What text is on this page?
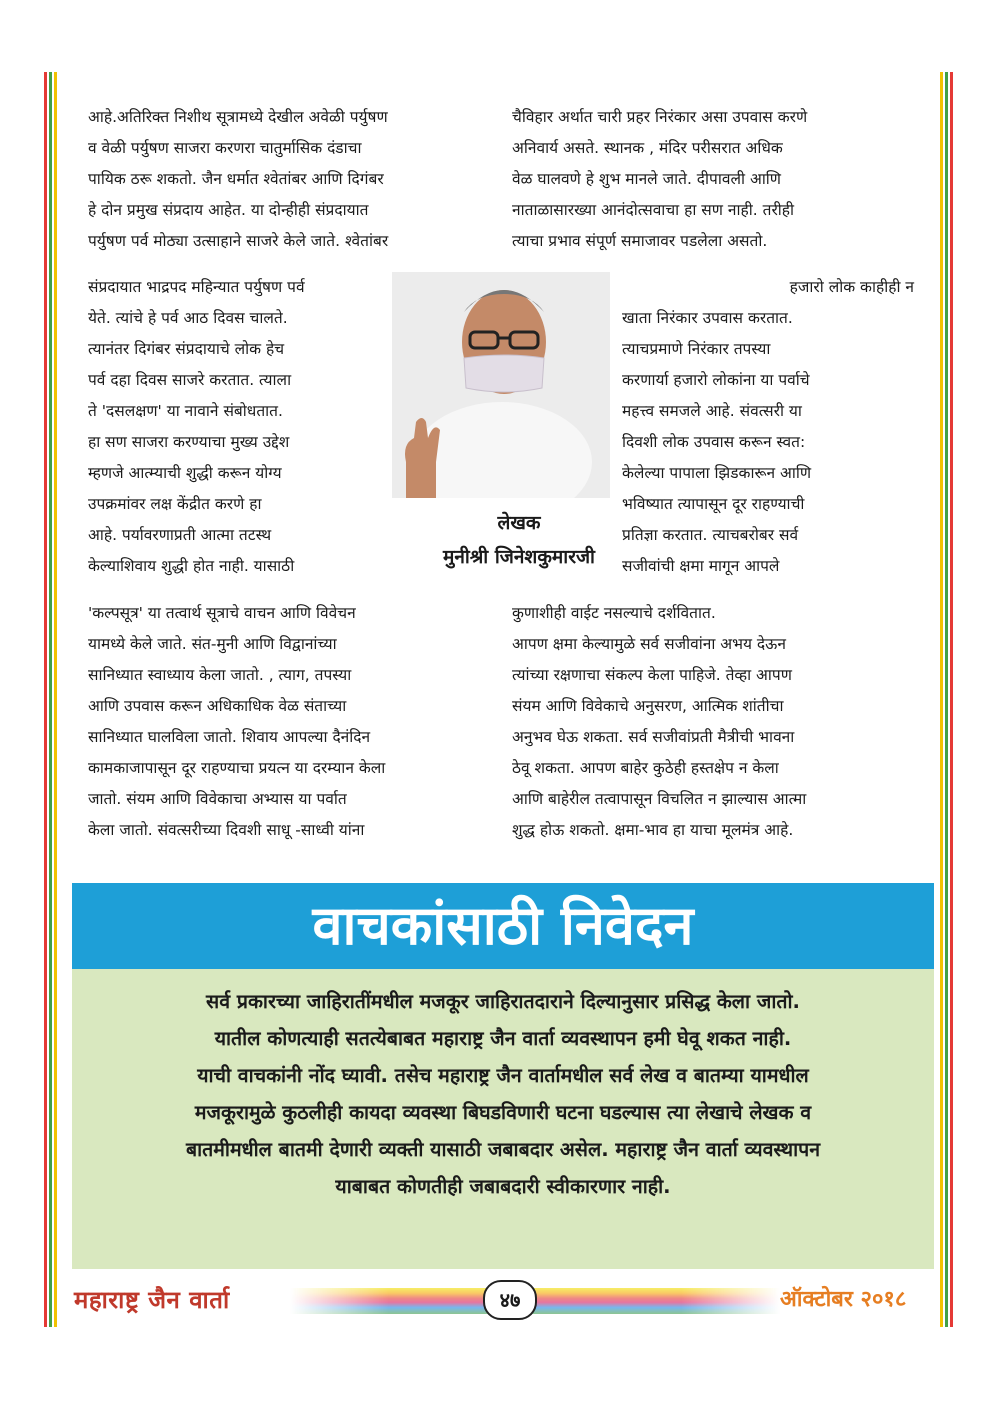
आहे.अतिरिक्त निशीथ सूत्रामध्ये देखील अवेळी पर्युषण

व वेळी पर्युषण साजरा करणरा चातुर्मासिक दंडाचा

पायिक ठरू शकतो. जैन धर्मात श्वेतांबर आणि दिगंबर

हे दोन प्रमुख संप्रदाय आहेत. या दोन्हीही संप्रदायात

पर्युषण पर्व मोठ्या उत्साहाने साजरे केले जाते. श्वेतांबर

संप्रदायात भाद्रपद महिन्यात पर्युषण पर्व

येते. त्यांचे हे पर्व आठ दिवस चालते.

त्यानंतर दिगंबर संप्रदायाचे लोक हेच

पर्व दहा दिवस साजरे करतात. त्याला

ते 'दसलक्षण' या नावाने संबोधतात.

हा सण साजरा करण्याचा मुख्य उद्देश

म्हणजे आत्म्याची शुद्धी करून योग्य

उपक्रमांवर लक्ष केंद्रीत करणे हा

आहे. पर्यावरणाप्रती आत्मा तटस्थ

केल्याशिवाय शुद्धी होत नाही. यासाठी

'कल्पसूत्र' या तत्वार्थ सूत्राचे वाचन आणि विवेचन

यामध्ये केले जाते. संत-मुनी आणि विद्वानांच्या

सानिध्यात स्वाध्याय केला जातो. , त्याग, तपस्या

आणि उपवास करून अधिकाधिक वेळ संताच्या

सानिध्यात घालविला जातो. शिवाय आपल्या दैनंदिन

कामकाजापासून दूर राहण्याचा प्रयत्न या दरम्यान केला

जातो. संयम आणि विवेकाचा अभ्यास या पर्वात

केला जातो. संवत्सरीच्या दिवशी साधू -साध्वी यांना

चैविहार अर्थात चारी प्रहर निरंकार असा उपवास करणे

अनिवार्य असते. स्थानक , मंदिर परीसरात अधिक

वेळ घालवणे हे शुभ मानले जाते. दीपावली आणि

नाताळासारख्या आनंदोत्सवाचा हा सण नाही. तरीही

त्याचा प्रभाव संपूर्ण समाजावर पडलेला असतो.

हजारो लोक काहीही न

खाता निरंकार उपवास करतात.

त्याचप्रमाणे निरंकार तपस्या

करणार्या हजारो लोकांना या पर्वाचे

महत्त्व समजले आहे. संवत्सरी या

दिवशी लोक उपवास करून स्वत:

केलेल्या पापाला झिडकारून आणि

भविष्यात त्यापासून दूर राहण्याची

प्रतिज्ञा करतात. त्याचबरोबर सर्व

सजीवांची क्षमा मागून आपले

कुणाशीही वाईट नसल्याचे दर्शवितात.

आपण क्षमा केल्यामुळे सर्व सजीवांना अभय देऊन

त्यांच्या रक्षणाचा संकल्प केला पाहिजे. तेव्हा आपण

संयम आणि विवेकाचे अनुसरण, आत्मिक शांतीचा

अनुभव घेऊ शकता. सर्व सजीवांप्रती मैत्रीची भावना

ठेवू शकता. आपण बाहेर कुठेही हस्तक्षेप न केला

आणि बाहेरील तत्वापासून विचलित न झाल्यास आत्मा

शुद्ध होऊ शकतो. क्षमा-भाव हा याचा मूलमंत्र आहे.

लेखक
मुनीश्री जिनेशकुमारजी
वाचकांसाठी निवेदन
सर्व प्रकारच्या जाहिरातींमधील मजकूर जाहिरातदाराने दिल्यानुसार प्रसिद्ध केला जातो.
यातील कोणत्याही सतत्येबाबत महाराष्ट्र जैन वार्ता व्यवस्थापन हमी घेवू शकत नाही.
याची वाचकांनी नोंद घ्यावी. तसेच महाराष्ट्र जैन वार्तामधील सर्व लेख व बातम्या यामधील
मजकूरामुळे कुठलीही कायदा व्यवस्था बिघडविणारी घटना घडल्यास त्या लेखाचे लेखक व
बातमीमधील बातमी देणारी व्यक्ती यासाठी जबाबदार असेल. महाराष्ट्र जैन वार्ता व्यवस्थापन
याबाबत कोणतीही जबाबदारी स्वीकारणार नाही.
महाराष्ट्र जैन वार्ता	४७	ऑक्टोबर २०१८
